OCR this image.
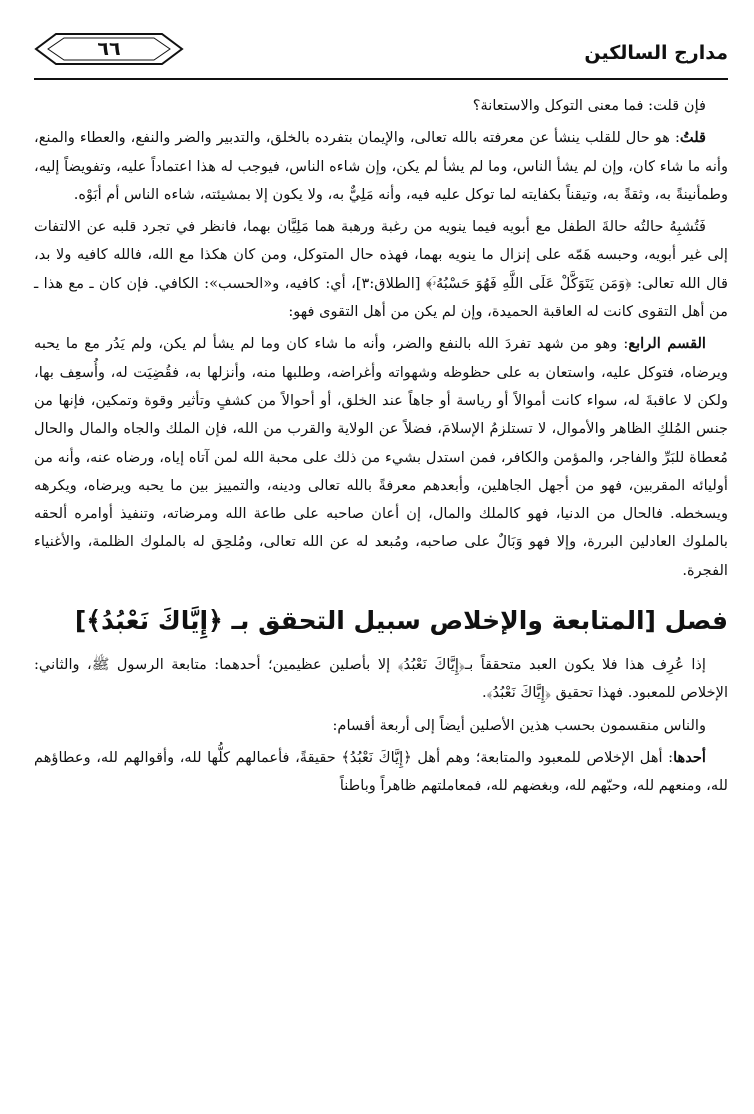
مدارج السالكين
٦٦

فإن قلت: فما معنى التوكل والاستعانة؟

قلتُ: هو حال للقلب ينشأ عن معرفته بالله تعالى، والإيمان بتفرده بالخلق، والتدبير والضر والنفع، والعطاء والمنع، وأنه ما شاء كان، وإن لم يشأ الناس، وما لم يشأ لم يكن، وإن شاءه الناس، فيوجب له هذا اعتماداً عليه، وتفويضاً إليه، وطمأنينةً به، وثقةً به، وتيقناً بكفايته لما توكل عليه فيه، وأنه مَلِيٌّ به، ولا يكون إلا بمشيئته، شاءه الناس أم أبَوْه.

فَتُشبِهُ حالتُه حالةَ الطفل مع أبويه فيما ينويه من رغبة ورهبة هما مَلِيَّان بهما، فانظر في تجرد قلبه عن الالتفات إلى غير أبويه، وحبسه هَمّه على إنزال ما ينويه بهما، فهذه حال المتوكل، ومن كان هكذا مع الله، فالله كافيه ولا بد، قال الله تعالى: ﴿وَمَن يَتَوَكَّلْ عَلَى اللَّهِ فَهُوَ حَسْبُهُۥٓ﴾ [الطلاق:٣]، أي: كافيه، و«الحسب»: الكافي. فإن كان ـ مع هذا ـ من أهل التقوى كانت له العاقبة الحميدة، وإن لم يكن من أهل التقوى فهو:

القسم الرابع: وهو من شهد تفردَ الله بالنفع والضر، وأنه ما شاء كان وما لم يشأ لم يكن، ولم يَدُر مع ما يحبه ويرضاه، فتوكل عليه، واستعان به على حظوظه وشهواته وأغراضه، وطلبها منه، وأنزلها به، فقُضِيَت له، وأُسعِف بها، ولكن لا عاقبةَ له، سواء كانت أموالاً أو رياسة أو جاهاً عند الخلق، أو أحوالاً من كشفٍ وتأثير وقوة وتمكين، فإنها من جنس المُلكِ الظاهر والأموال، لا تستلزمُ الإسلامَ، فضلاً عن الولاية والقرب من الله، فإن الملك والجاه والمال والحال مُعطاة للبَرِّ والفاجر، والمؤمن والكافر، فمن استدل بشيء من ذلك على محبة الله لمن آتاه إياه، ورضاه عنه، وأنه من أوليائه المقربين، فهو من أجهل الجاهلين، وأبعدهم معرفةً بالله تعالى ودينه، والتمييز بين ما يحبه ويرضاه، ويكرهه ويسخطه. فالحال من الدنيا، فهو كالملك والمال، إن أعان صاحبه على طاعة الله ومرضاته، وتنفيذ أوامره ألحقه بالملوك العادلين البررة، وإلا فهو وَبَالٌ على صاحبه، ومُبعد له عن الله تعالى، ومُلحِق له بالملوك الظلمة، والأغنياء الفجرة.

فصل [المتابعة والإخلاص سبيل التحقق بـ ﴿إِيَّاكَ نَعْبُدُ﴾]

إذا عُرِف هذا فلا يكون العبد متحققاً بـ﴿إِيَّاكَ نَعْبُدُ﴾ إلا بأصلين عظيمين؛ أحدهما: متابعة الرسول ﷺ، والثاني: الإخلاص للمعبود. فهذا تحقيق ﴿إِيَّاكَ نَعْبُدُ﴾.

والناس منقسمون بحسب هذين الأصلين أيضاً إلى أربعة أقسام:

أحدها: أهل الإخلاص للمعبود والمتابعة؛ وهم أهل ﴿إِيَّاكَ نَعْبُدُ﴾ حقيقةً، فأعمالهم كلُّها لله، وأقوالهم لله، وعطاؤهم لله، ومنعهم لله، وحبّهم لله، وبغضهم لله، فمعاملتهم ظاهراً وباطناً
